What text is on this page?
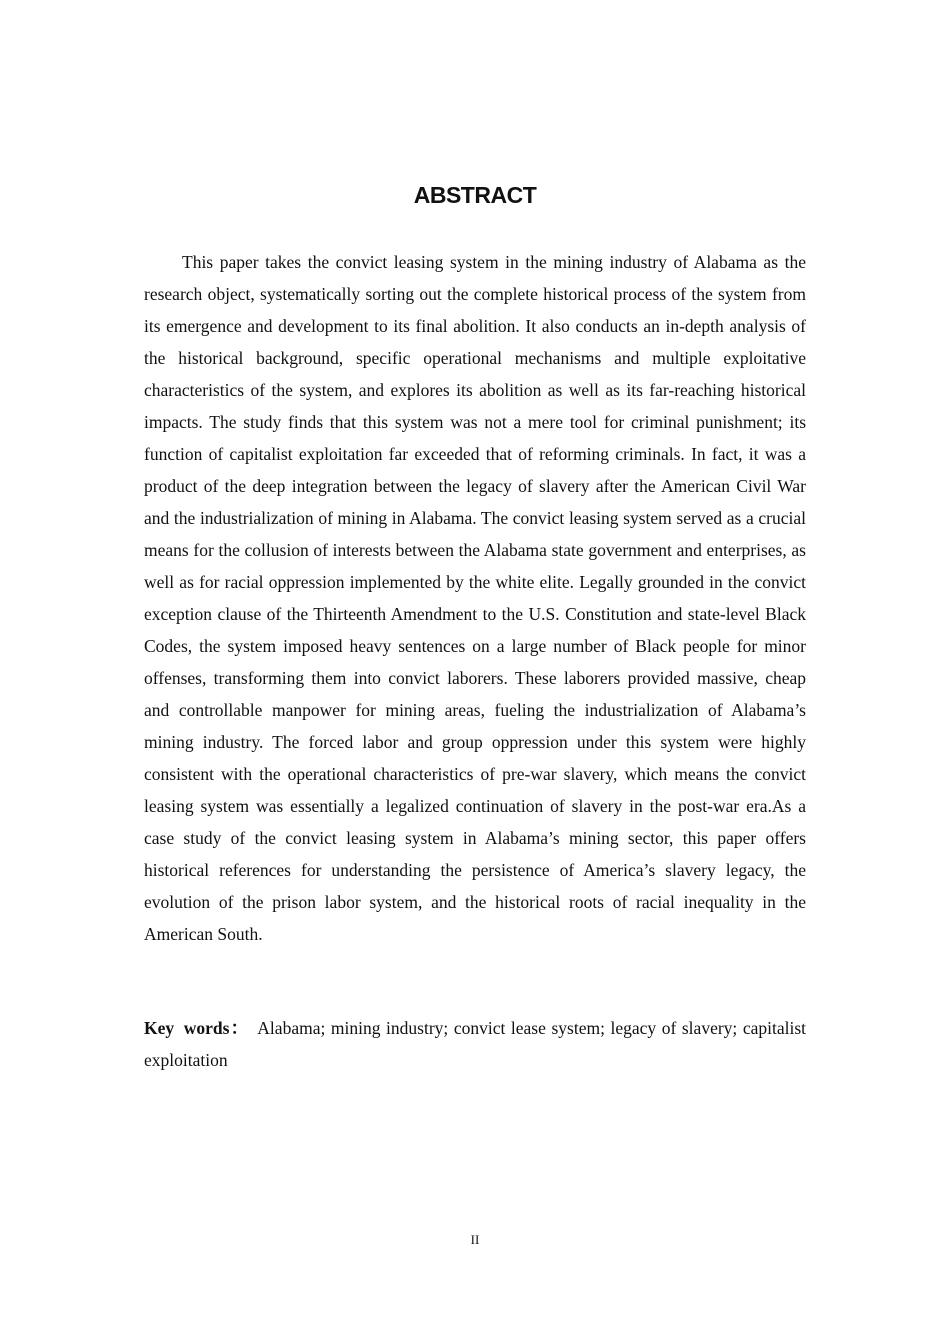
ABSTRACT

This paper takes the convict leasing system in the mining industry of Alabama as the research object, systematically sorting out the complete historical process of the system from its emergence and development to its final abolition. It also conducts an in-depth analysis of the historical background, specific operational mechanisms and multiple exploitative characteristics of the system, and explores its abolition as well as its far-reaching historical impacts. The study finds that this system was not a mere tool for criminal punishment; its function of capitalist exploitation far exceeded that of reforming criminals. In fact, it was a product of the deep integration between the legacy of slavery after the American Civil War and the industrialization of mining in Alabama. The convict leasing system served as a crucial means for the collusion of interests between the Alabama state government and enterprises, as well as for racial oppression implemented by the white elite. Legally grounded in the convict exception clause of the Thirteenth Amendment to the U.S. Constitution and state-level Black Codes, the system imposed heavy sentences on a large number of Black people for minor offenses, transforming them into convict laborers. These laborers provided massive, cheap and controllable manpower for mining areas, fueling the industrialization of Alabama’s mining industry. The forced labor and group oppression under this system were highly consistent with the operational characteristics of pre-war slavery, which means the convict leasing system was essentially a legalized continuation of slavery in the post-war era.As a case study of the convict leasing system in Alabama’s mining sector, this paper offers historical references for understanding the persistence of America’s slavery legacy, the evolution of the prison labor system, and the historical roots of racial inequality in the American South.

Key words： Alabama; mining industry; convict lease system; legacy of slavery; capitalist exploitation

II
